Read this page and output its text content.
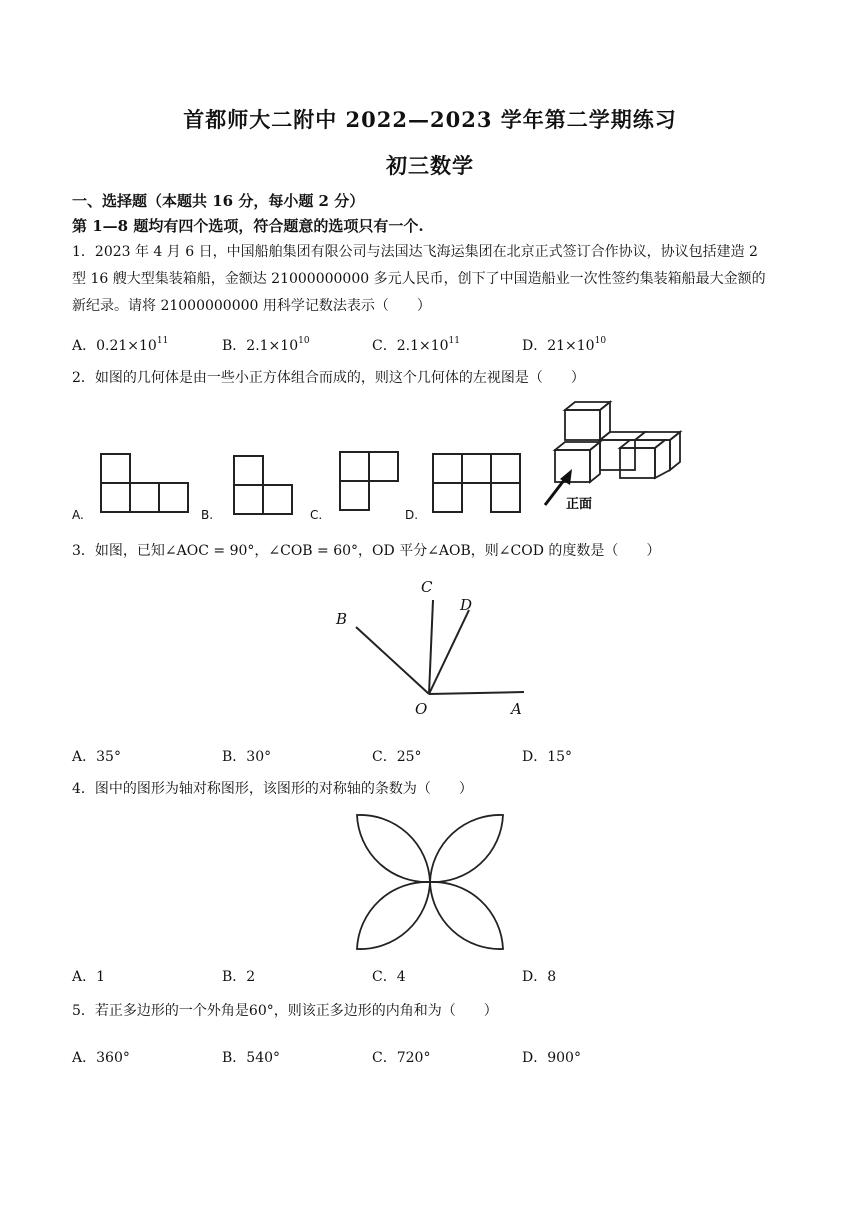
首都师大二附中 2022—2023 学年第二学期练习
初三数学
一、选择题（本题共 16 分，每小题 2 分）
第 1—8 题均有四个选项，符合题意的选项只有一个.
1．2023 年 4 月 6 日，中国船舶集团有限公司与法国达飞海运集团在北京正式签订合作协议，协议包括建造 2
型 16 艘大型集装箱船，金额达 21000000000 多元人民币，创下了中国造船业一次性签约集装箱船最大金额的
新纪录。请将 21000000000 用科学记数法表示（　　）
A．$0.21\times 10^{11}$	B．$2.1\times 10^{10}$	C．$2.1\times 10^{11}$	D．$21\times 10^{10}$
2．如图的几何体是由一些小正方体组合而成的，则这个几何体的左视图是（　　）
正面
A.	B.	C.	D.
3．如图，已知∠AOC = 90°，∠COB = 60°，OD 平分∠AOB，则∠COD 的度数是（　　）
C
D
B
O	A
A．35°	B．30°	C．25°	D．15°
4．图中的图形为轴对称图形，该图形的对称轴的条数为（　　）
A．1	B．2	C．4	D．8
5．若正多边形的一个外角是60°，则该正多边形的内角和为（　　）
A．360°	B．540°	C．720°	D．900°
